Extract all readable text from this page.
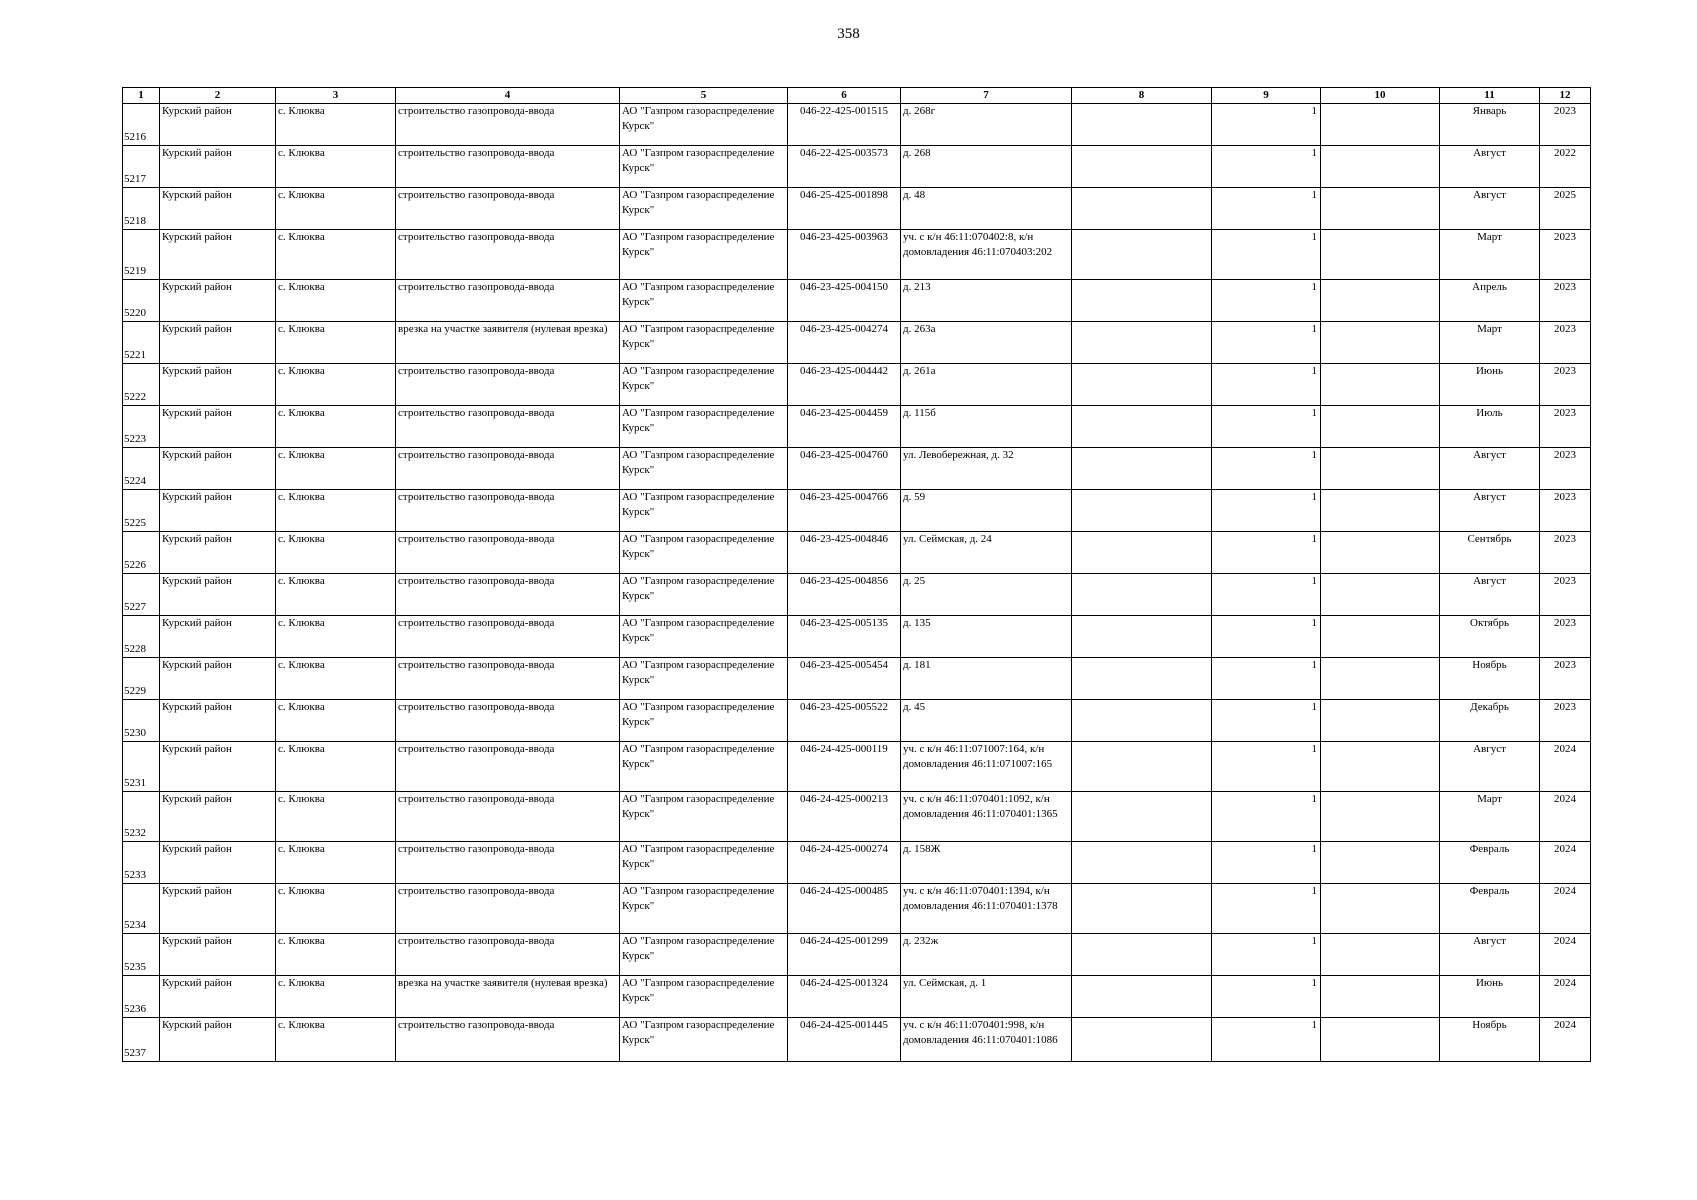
358
1	2	3	4	5	6	7	8	9	10	11	12
5216	Курский район	с. Клюква	строительство газопровода-ввода	АО "Газпром газораспределение Курск"	046-22-425-001515	д. 268г		1		Январь	2023
5217	Курский район	с. Клюква	строительство газопровода-ввода	АО "Газпром газораспределение Курск"	046-22-425-003573	д. 268		1		Август	2022
5218	Курский район	с. Клюква	строительство газопровода-ввода	АО "Газпром газораспределение Курск"	046-25-425-001898	д. 48		1		Август	2025
5219	Курский район	с. Клюква	строительство газопровода-ввода	АО "Газпром газораспределение Курск"	046-23-425-003963	уч. с к/н 46:11:070402:8, к/н домовладения 46:11:070403:202		1		Март	2023
5220	Курский район	с. Клюква	строительство газопровода-ввода	АО "Газпром газораспределение Курск"	046-23-425-004150	д. 213		1		Апрель	2023
5221	Курский район	с. Клюква	врезка на участке заявителя (нулевая врезка)	АО "Газпром газораспределение Курск"	046-23-425-004274	д. 263а		1		Март	2023
5222	Курский район	с. Клюква	строительство газопровода-ввода	АО "Газпром газораспределение Курск"	046-23-425-004442	д. 261а		1		Июнь	2023
5223	Курский район	с. Клюква	строительство газопровода-ввода	АО "Газпром газораспределение Курск"	046-23-425-004459	д. 115б		1		Июль	2023
5224	Курский район	с. Клюква	строительство газопровода-ввода	АО "Газпром газораспределение Курск"	046-23-425-004760	ул. Левобережная, д. 32		1		Август	2023
5225	Курский район	с. Клюква	строительство газопровода-ввода	АО "Газпром газораспределение Курск"	046-23-425-004766	д. 59		1		Август	2023
5226	Курский район	с. Клюква	строительство газопровода-ввода	АО "Газпром газораспределение Курск"	046-23-425-004846	ул. Сеймская, д. 24		1		Сентябрь	2023
5227	Курский район	с. Клюква	строительство газопровода-ввода	АО "Газпром газораспределение Курск"	046-23-425-004856	д. 25		1		Август	2023
5228	Курский район	с. Клюква	строительство газопровода-ввода	АО "Газпром газораспределение Курск"	046-23-425-005135	д. 135		1		Октябрь	2023
5229	Курский район	с. Клюква	строительство газопровода-ввода	АО "Газпром газораспределение Курск"	046-23-425-005454	д. 181		1		Ноябрь	2023
5230	Курский район	с. Клюква	строительство газопровода-ввода	АО "Газпром газораспределение Курск"	046-23-425-005522	д. 45		1		Декабрь	2023
5231	Курский район	с. Клюква	строительство газопровода-ввода	АО "Газпром газораспределение Курск"	046-24-425-000119	уч. с к/н 46:11:071007:164, к/н домовладения 46:11:071007:165		1		Август	2024
5232	Курский район	с. Клюква	строительство газопровода-ввода	АО "Газпром газораспределение Курск"	046-24-425-000213	уч. с к/н 46:11:070401:1092, к/н домовладения 46:11:070401:1365		1		Март	2024
5233	Курский район	с. Клюква	строительство газопровода-ввода	АО "Газпром газораспределение Курск"	046-24-425-000274	д. 158Ж		1		Февраль	2024
5234	Курский район	с. Клюква	строительство газопровода-ввода	АО "Газпром газораспределение Курск"	046-24-425-000485	уч. с к/н 46:11:070401:1394, к/н домовладения 46:11:070401:1378		1		Февраль	2024
5235	Курский район	с. Клюква	строительство газопровода-ввода	АО "Газпром газораспределение Курск"	046-24-425-001299	д. 232ж		1		Август	2024
5236	Курский район	с. Клюква	врезка на участке заявителя (нулевая врезка)	АО "Газпром газораспределение Курск"	046-24-425-001324	ул. Сеймская, д. 1		1		Июнь	2024
5237	Курский район	с. Клюква	строительство газопровода-ввода	АО "Газпром газораспределение Курск"	046-24-425-001445	уч. с к/н 46:11:070401:998, к/н домовладения 46:11:070401:1086		1		Ноябрь	2024
